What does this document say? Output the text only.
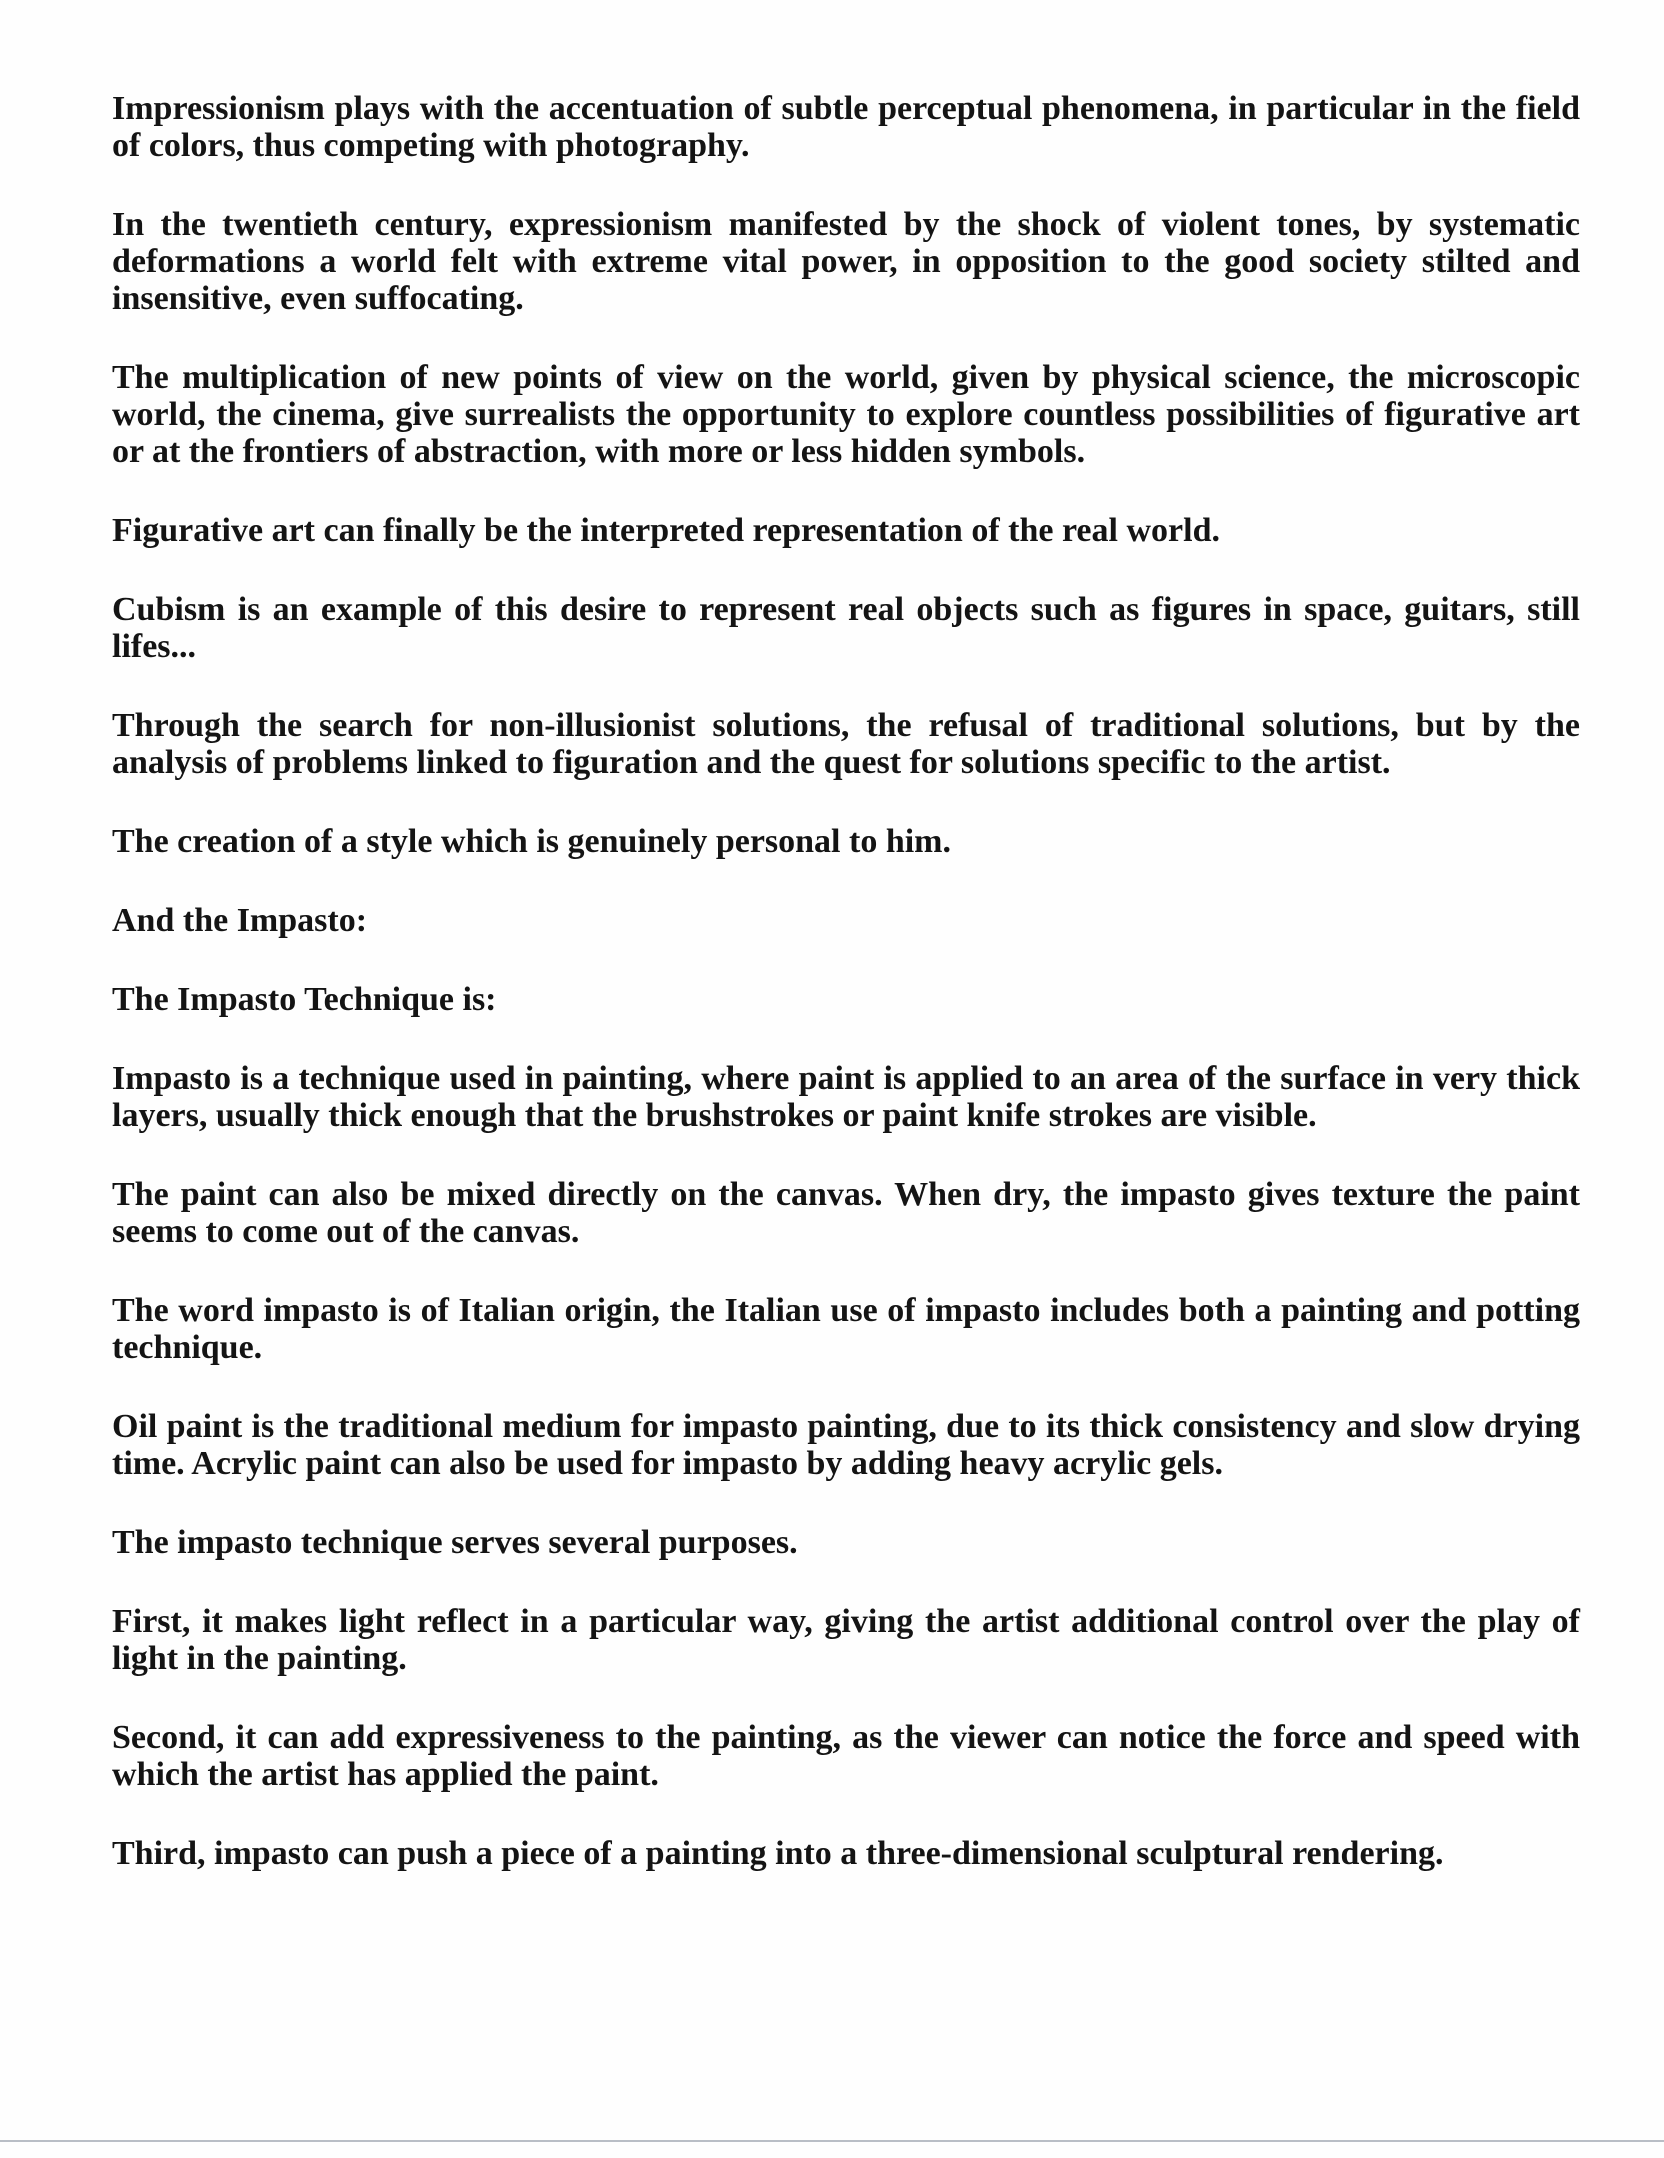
Impressionism plays with the accentuation of subtle perceptual phenomena, in particular in the field of colors, thus competing with photography.

In the twentieth century, expressionism manifested by the shock of violent tones, by systematic deformations a world felt with extreme vital power, in opposition to the good society stilted and insensitive, even suffocating.

The multiplication of new points of view on the world, given by physical science, the microscopic world, the cinema, give surrealists the opportunity to explore countless possibilities of figurative art or at the frontiers of abstraction, with more or less hidden symbols.

Figurative art can finally be the interpreted representation of the real world.

Cubism is an example of this desire to represent real objects such as figures in space, guitars, still lifes...

Through the search for non-illusionist solutions, the refusal of traditional solutions, but by the analysis of problems linked to figuration and the quest for solutions specific to the artist.

The creation of a style which is genuinely personal to him.

And the Impasto:

The Impasto Technique is:

Impasto is a technique used in painting, where paint is applied to an area of the surface in very thick layers, usually thick enough that the brushstrokes or paint knife strokes are visible.

The paint can also be mixed directly on the canvas. When dry, the impasto gives texture the paint seems to come out of the canvas.

The word impasto is of Italian origin, the Italian use of impasto includes both a painting and potting technique.

Oil paint is the traditional medium for impasto painting, due to its thick consistency and slow drying time. Acrylic paint can also be used for impasto by adding heavy acrylic gels.

The impasto technique serves several purposes.

First, it makes light reflect in a particular way, giving the artist additional control over the play of light in the painting.

Second, it can add expressiveness to the painting, as the viewer can notice the force and speed with which the artist has applied the paint.

Third, impasto can push a piece of a painting into a three-dimensional sculptural rendering.
